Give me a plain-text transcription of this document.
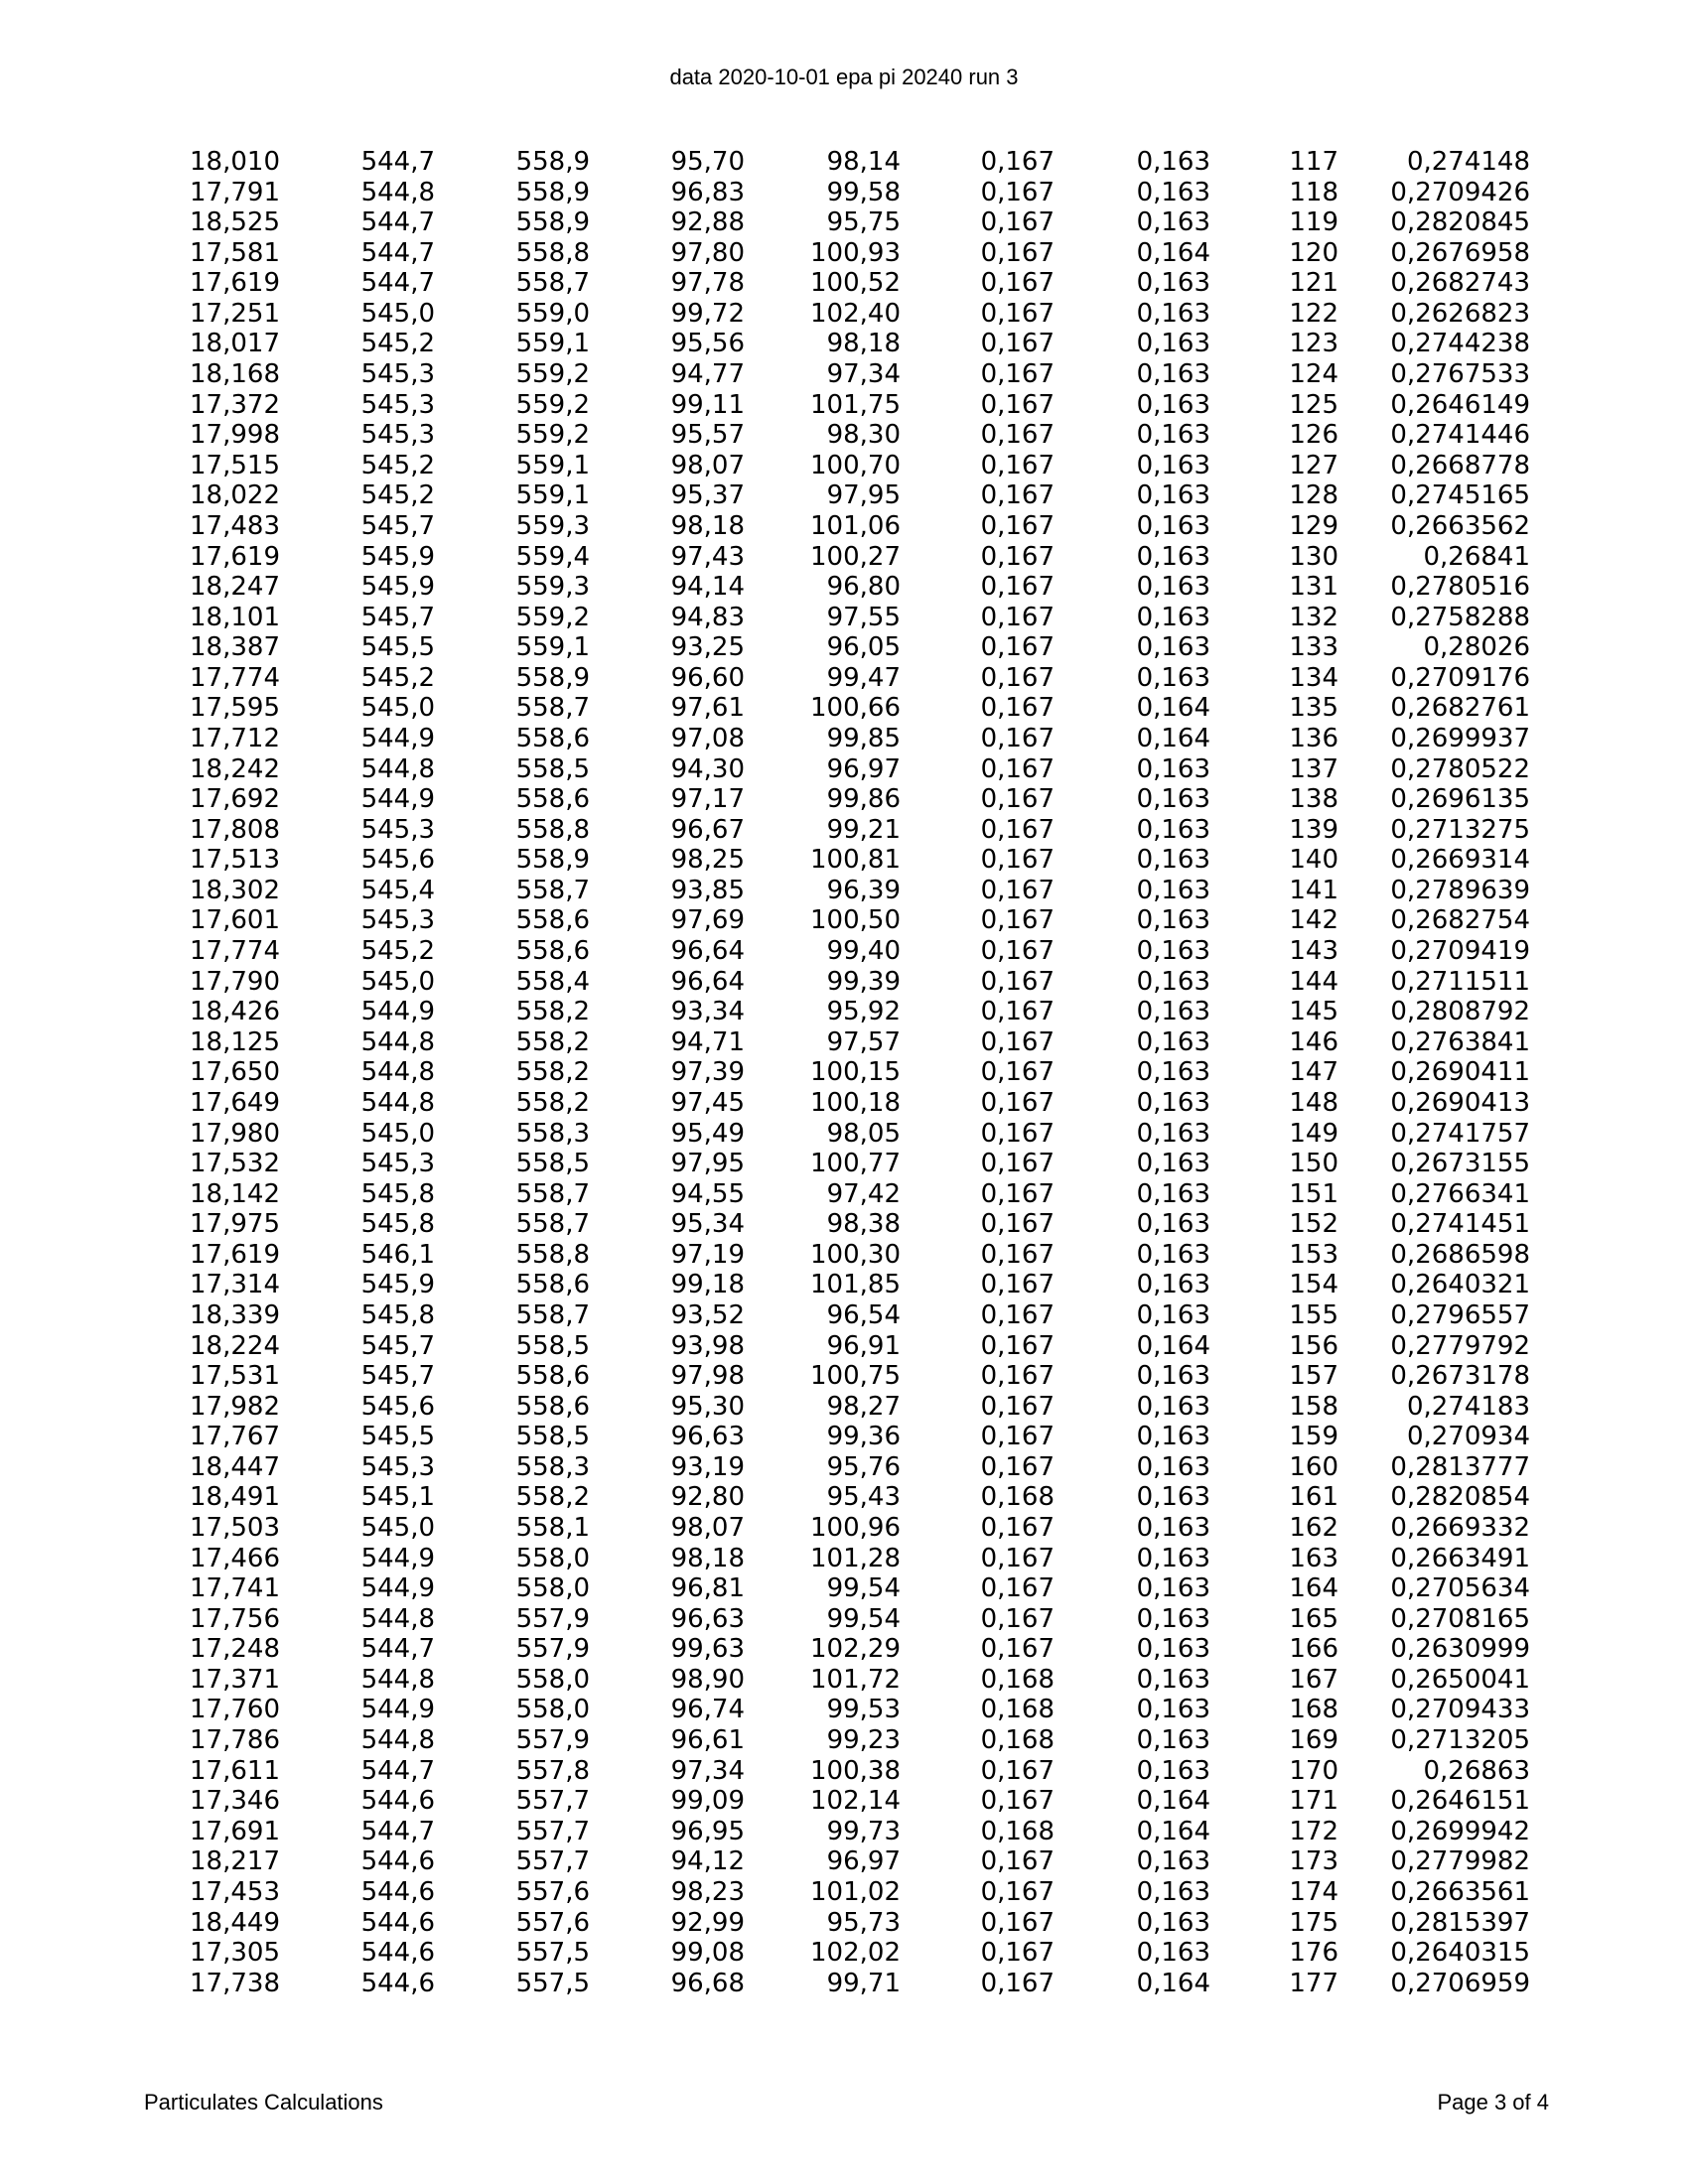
data 2020-10-01 epa pi 20240 run 3
18,010	544,7	558,9	95,70	98,14	0,167	0,163	117	0,274148
17,791	544,8	558,9	96,83	99,58	0,167	0,163	118	0,2709426
18,525	544,7	558,9	92,88	95,75	0,167	0,163	119	0,2820845
17,581	544,7	558,8	97,80	100,93	0,167	0,164	120	0,2676958
17,619	544,7	558,7	97,78	100,52	0,167	0,163	121	0,2682743
17,251	545,0	559,0	99,72	102,40	0,167	0,163	122	0,2626823
18,017	545,2	559,1	95,56	98,18	0,167	0,163	123	0,2744238
18,168	545,3	559,2	94,77	97,34	0,167	0,163	124	0,2767533
17,372	545,3	559,2	99,11	101,75	0,167	0,163	125	0,2646149
17,998	545,3	559,2	95,57	98,30	0,167	0,163	126	0,2741446
17,515	545,2	559,1	98,07	100,70	0,167	0,163	127	0,2668778
18,022	545,2	559,1	95,37	97,95	0,167	0,163	128	0,2745165
17,483	545,7	559,3	98,18	101,06	0,167	0,163	129	0,2663562
17,619	545,9	559,4	97,43	100,27	0,167	0,163	130	0,26841
18,247	545,9	559,3	94,14	96,80	0,167	0,163	131	0,2780516
18,101	545,7	559,2	94,83	97,55	0,167	0,163	132	0,2758288
18,387	545,5	559,1	93,25	96,05	0,167	0,163	133	0,28026
17,774	545,2	558,9	96,60	99,47	0,167	0,163	134	0,2709176
17,595	545,0	558,7	97,61	100,66	0,167	0,164	135	0,2682761
17,712	544,9	558,6	97,08	99,85	0,167	0,164	136	0,2699937
18,242	544,8	558,5	94,30	96,97	0,167	0,163	137	0,2780522
17,692	544,9	558,6	97,17	99,86	0,167	0,163	138	0,2696135
17,808	545,3	558,8	96,67	99,21	0,167	0,163	139	0,2713275
17,513	545,6	558,9	98,25	100,81	0,167	0,163	140	0,2669314
18,302	545,4	558,7	93,85	96,39	0,167	0,163	141	0,2789639
17,601	545,3	558,6	97,69	100,50	0,167	0,163	142	0,2682754
17,774	545,2	558,6	96,64	99,40	0,167	0,163	143	0,2709419
17,790	545,0	558,4	96,64	99,39	0,167	0,163	144	0,2711511
18,426	544,9	558,2	93,34	95,92	0,167	0,163	145	0,2808792
18,125	544,8	558,2	94,71	97,57	0,167	0,163	146	0,2763841
17,650	544,8	558,2	97,39	100,15	0,167	0,163	147	0,2690411
17,649	544,8	558,2	97,45	100,18	0,167	0,163	148	0,2690413
17,980	545,0	558,3	95,49	98,05	0,167	0,163	149	0,2741757
17,532	545,3	558,5	97,95	100,77	0,167	0,163	150	0,2673155
18,142	545,8	558,7	94,55	97,42	0,167	0,163	151	0,2766341
17,975	545,8	558,7	95,34	98,38	0,167	0,163	152	0,2741451
17,619	546,1	558,8	97,19	100,30	0,167	0,163	153	0,2686598
17,314	545,9	558,6	99,18	101,85	0,167	0,163	154	0,2640321
18,339	545,8	558,7	93,52	96,54	0,167	0,163	155	0,2796557
18,224	545,7	558,5	93,98	96,91	0,167	0,164	156	0,2779792
17,531	545,7	558,6	97,98	100,75	0,167	0,163	157	0,2673178
17,982	545,6	558,6	95,30	98,27	0,167	0,163	158	0,274183
17,767	545,5	558,5	96,63	99,36	0,167	0,163	159	0,270934
18,447	545,3	558,3	93,19	95,76	0,167	0,163	160	0,2813777
18,491	545,1	558,2	92,80	95,43	0,168	0,163	161	0,2820854
17,503	545,0	558,1	98,07	100,96	0,167	0,163	162	0,2669332
17,466	544,9	558,0	98,18	101,28	0,167	0,163	163	0,2663491
17,741	544,9	558,0	96,81	99,54	0,167	0,163	164	0,2705634
17,756	544,8	557,9	96,63	99,54	0,167	0,163	165	0,2708165
17,248	544,7	557,9	99,63	102,29	0,167	0,163	166	0,2630999
17,371	544,8	558,0	98,90	101,72	0,168	0,163	167	0,2650041
17,760	544,9	558,0	96,74	99,53	0,168	0,163	168	0,2709433
17,786	544,8	557,9	96,61	99,23	0,168	0,163	169	0,2713205
17,611	544,7	557,8	97,34	100,38	0,167	0,163	170	0,26863
17,346	544,6	557,7	99,09	102,14	0,167	0,164	171	0,2646151
17,691	544,7	557,7	96,95	99,73	0,168	0,164	172	0,2699942
18,217	544,6	557,7	94,12	96,97	0,167	0,163	173	0,2779982
17,453	544,6	557,6	98,23	101,02	0,167	0,163	174	0,2663561
18,449	544,6	557,6	92,99	95,73	0,167	0,163	175	0,2815397
17,305	544,6	557,5	99,08	102,02	0,167	0,163	176	0,2640315
17,738	544,6	557,5	96,68	99,71	0,167	0,164	177	0,2706959
Particulates Calculations	Page 3 of 4
